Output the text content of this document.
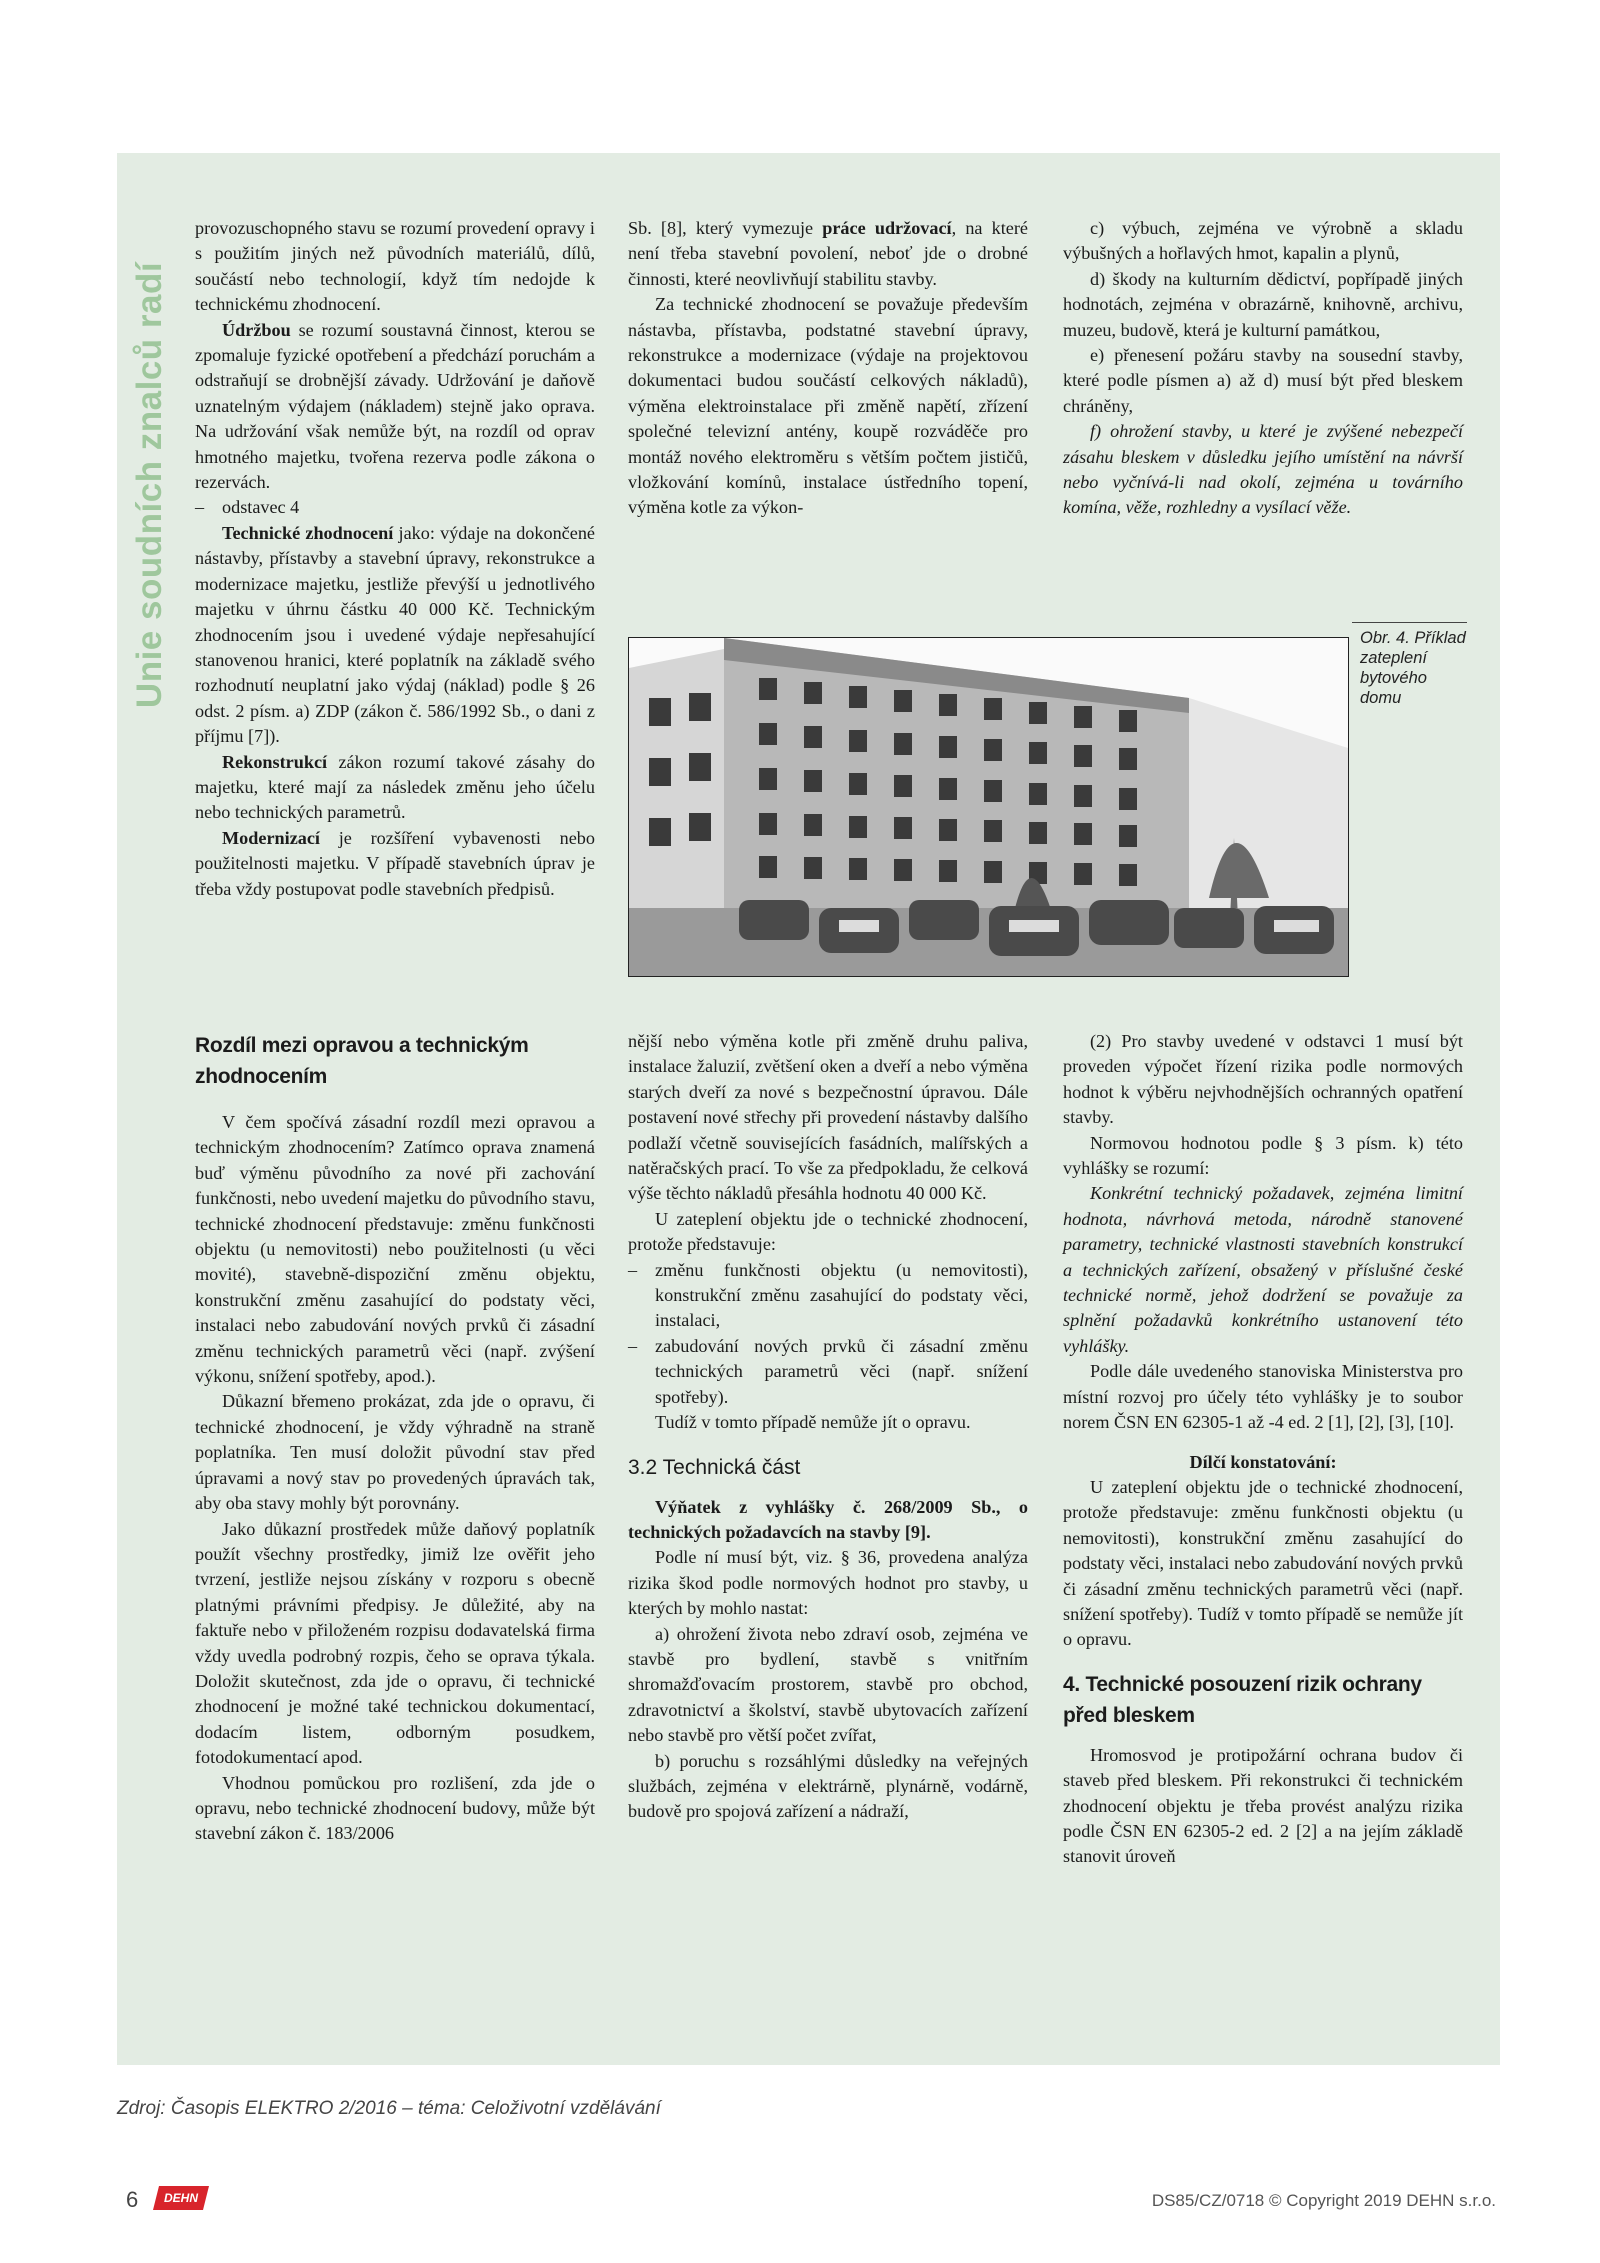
Unie soudních znalců radí

provozuschopného stavu se rozumí provedení opravy i s použitím jiných než původních materiálů, dílů, součástí nebo technologií, když tím nedojde k technickému zhodnocení.

Údržbou se rozumí soustavná činnost, kterou se zpomaluje fyzické opotřebení a předchází poruchám a odstraňují se drobnější závady. Udržování je daňově uznatelným výdajem (nákladem) stejně jako oprava. Na udržování však nemůže být, na rozdíl od oprav hmotného majetku, tvořena rezerva podle zákona o rezervách.

– odstavec 4

Technické zhodnocení jako: výdaje na dokončené nástavby, přístavby a stavební úpravy, rekonstrukce a modernizace majetku, jestliže převýší u jednotlivého majetku v úhrnu částku 40 000 Kč. Technickým zhodnocením jsou i uvedené výdaje nepřesahující stanovenou hranici, které poplatník na základě svého rozhodnutí neuplatní jako výdaj (náklad) podle § 26 odst. 2 písm. a) ZDP (zákon č. 586/1992 Sb., o dani z příjmu [7]).

Rekonstrukcí zákon rozumí takové zásahy do majetku, které mají za následek změnu jeho účelu nebo technických parametrů.

Modernizací je rozšíření vybavenosti nebo použitelnosti majetku. V případě stavebních úprav je třeba vždy postupovat podle stavebních předpisů.

Sb. [8], který vymezuje práce udržovací, na které není třeba stavební povolení, neboť jde o drobné činnosti, které neovlivňují stabilitu stavby.

Za technické zhodnocení se považuje především nástavba, přístavba, podstatné stavební úpravy, rekonstrukce a modernizace (výdaje na projektovou dokumentaci budou součástí celkových nákladů), výměna elektroinstalace při změně napětí, zřízení společné televizní antény, koupě rozváděče pro montáž nového elektroměru s větším počtem jističů, vložkování komínů, instalace ústředního topení, výměna kotle za výkon-

c) výbuch, zejména ve výrobně a skladu výbušných a hořlavých hmot, kapalin a plynů,

d) škody na kulturním dědictví, popřípadě jiných hodnotách, zejména v obrazárně, knihovně, archivu, muzeu, budově, která je kulturní památkou,

e) přenesení požáru stavby na sousední stavby, které podle písmen a) až d) musí být před bleskem chráněny,

f) ohrožení stavby, u které je zvýšené nebezpečí zásahu bleskem v důsledku jejího umístění na návrší nebo vyčnívá-li nad okolí, zejména u továrního komína, věže, rozhledny a vysílací věže.

Obr. 4. Příklad zateplení bytového domu
Rozdíl mezi opravou a technickým zhodnocením

V čem spočívá zásadní rozdíl mezi opravou a technickým zhodnocením? Zatímco oprava znamená buď výměnu původního za nové při zachování funkčnosti, nebo uvedení majetku do původního stavu, technické zhodnocení představuje: změnu funkčnosti objektu (u nemovitosti) nebo použitelnosti (u věci movité), stavebně-dispoziční změnu objektu, konstrukční změnu zasahující do podstaty věci, instalaci nebo zabudování nových prvků či zásadní změnu technických parametrů věci (např. zvýšení výkonu, snížení spotřeby, apod.).

Důkazní břemeno prokázat, zda jde o opravu, či technické zhodnocení, je vždy výhradně na straně poplatníka. Ten musí doložit původní stav před úpravami a nový stav po provedených úpravách tak, aby oba stavy mohly být porovnány.

Jako důkazní prostředek může daňový poplatník použít všechny prostředky, jimiž lze ověřit jeho tvrzení, jestliže nejsou získány v rozporu s obecně platnými právními předpisy. Je důležité, aby na faktuře nebo v přiloženém rozpisu dodavatelská firma vždy uvedla podrobný rozpis, čeho se oprava týkala. Doložit skutečnost, zda jde o opravu, či technické zhodnocení je možné také technickou dokumentací, dodacím listem, odborným posudkem, fotodokumentací apod.

Vhodnou pomůckou pro rozlišení, zda jde o opravu, nebo technické zhodnocení budovy, může být stavební zákon č. 183/2006

nější nebo výměna kotle při změně druhu paliva, instalace žaluzií, zvětšení oken a dveří a nebo výměna starých dveří za nové s bezpečnostní úpravou. Dále postavení nové střechy při provedení nástavby dalšího podlaží včetně souvisejících fasádních, malířských a natěračských prací. To vše za předpokladu, že celková výše těchto nákladů přesáhla hodnotu 40 000 Kč.

U zateplení objektu jde o technické zhodnocení, protože představuje:

– změnu funkčnosti objektu (u nemovitosti), konstrukční změnu zasahující do podstaty věci, instalaci,
– zabudování nových prvků či zásadní změnu technických parametrů věci (např. snížení spotřeby).

Tudíž v tomto případě nemůže jít o opravu.

3.2 Technická část

Výňatek z vyhlášky č. 268/2009 Sb., o technických požadavcích na stavby [9].

Podle ní musí být, viz. § 36, provedena analýza rizika škod podle normových hodnot pro stavby, u kterých by mohlo nastat:

a) ohrožení života nebo zdraví osob, zejména ve stavbě pro bydlení, stavbě s vnitřním shromažďovacím prostorem, stavbě pro obchod, zdravotnictví a školství, stavbě ubytovacích zařízení nebo stavbě pro větší počet zvířat,

b) poruchu s rozsáhlými důsledky na veřejných službách, zejména v elektrárně, plynárně, vodárně, budově pro spojová zařízení a nádraží,

(2) Pro stavby uvedené v odstavci 1 musí být proveden výpočet řízení rizika podle normových hodnot k výběru nejvhodnějších ochranných opatření stavby.

Normovou hodnotou podle § 3 písm. k) této vyhlášky se rozumí:

Konkrétní technický požadavek, zejména limitní hodnota, návrhová metoda, národně stanovené parametry, technické vlastnosti stavebních konstrukcí a technických zařízení, obsažený v příslušné české technické normě, jehož dodržení se považuje za splnění požadavků konkrétního ustanovení této vyhlášky.

Podle dále uvedeného stanoviska Ministerstva pro místní rozvoj pro účely této vyhlášky je to soubor norem ČSN EN 62305-1 až -4 ed. 2 [1], [2], [3], [10].

Dílčí konstatování:

U zateplení objektu jde o technické zhodnocení, protože představuje: změnu funkčnosti objektu (u nemovitosti), konstrukční změnu zasahující do podstaty věci, instalaci nebo zabudování nových prvků či zásadní změnu technických parametrů věci (např. snížení spotřeby). Tudíž v tomto případě se nemůže jít o opravu.

4. Technické posouzení rizik ochrany před bleskem

Hromosvod je protipožární ochrana budov či staveb před bleskem. Při rekonstrukci či technickém zhodnocení objektu je třeba provést analýzu rizika podle ČSN EN 62305-2 ed. 2 [2] a na jejím základě stanovit úroveň

Zdroj: Časopis ELEKTRO 2/2016 – téma: Celoživotní vzdělávání
6 DEHN	DS85/CZ/0718 © Copyright 2019 DEHN s.r.o.
